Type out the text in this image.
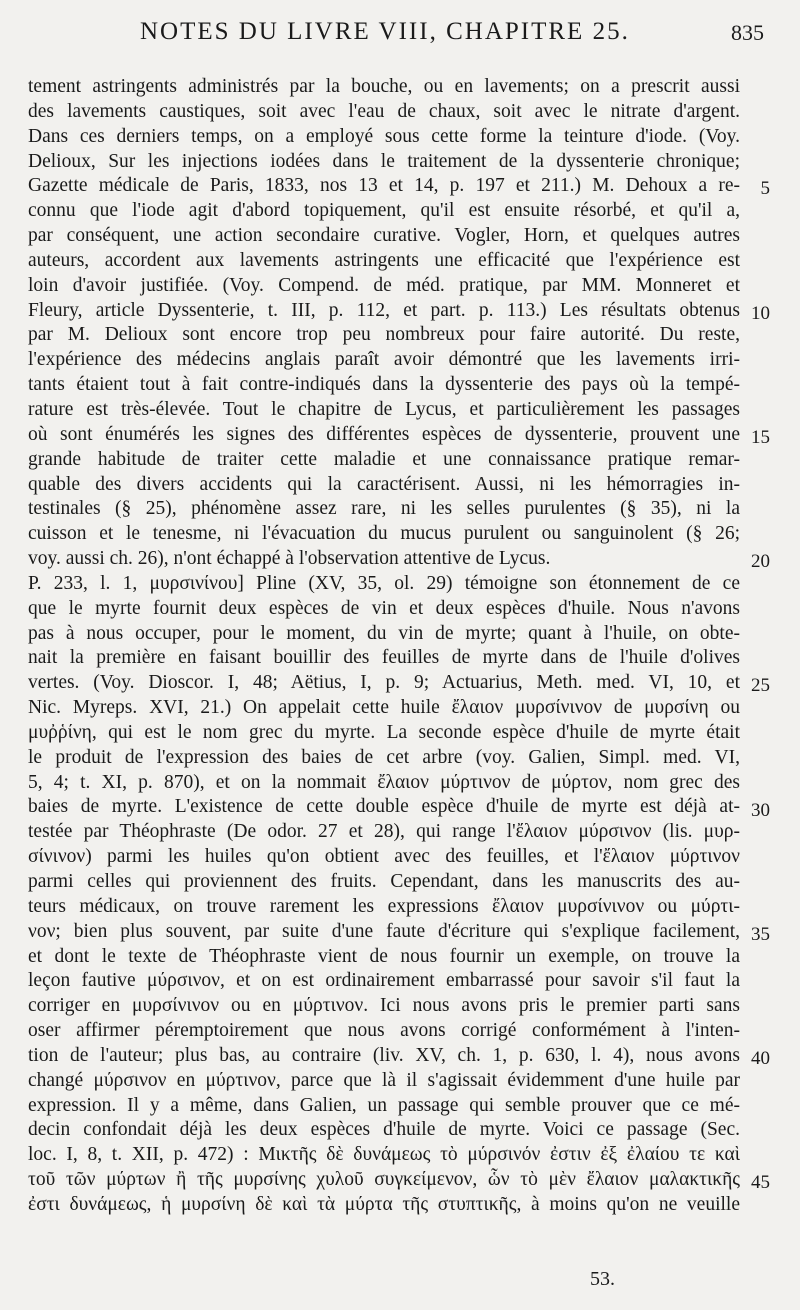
NOTES DU LIVRE VIII, CHAPITRE 25.	835
tement astringents administrés par la bouche, ou en lavements; on a prescrit aussi
des lavements caustiques, soit avec l'eau de chaux, soit avec le nitrate d'argent.
Dans ces derniers temps, on a employé sous cette forme la teinture d'iode. (Voy.
Delioux, Sur les injections iodées dans le traitement de la dyssenterie chronique;
Gazette médicale de Paris, 1833, nos 13 et 14, p. 197 et 211.) M. Dehoux a re-
connu que l'iode agit d'abord topiquement, qu'il est ensuite résorbé, et qu'il a,
par conséquent, une action secondaire curative. Vogler, Horn, et quelques autres
auteurs, accordent aux lavements astringents une efficacité que l'expérience est
loin d'avoir justifiée. (Voy. Compend. de méd. pratique, par MM. Monneret et
Fleury, article Dyssenterie, t. III, p. 112, et part. p. 113.) Les résultats obtenus
par M. Delioux sont encore trop peu nombreux pour faire autorité. Du reste,
l'expérience des médecins anglais paraît avoir démontré que les lavements irri-
tants étaient tout à fait contre-indiqués dans la dyssenterie des pays où la tempé-
rature est très-élevée. Tout le chapitre de Lycus, et particulièrement les passages
où sont énumérés les signes des différentes espèces de dyssenterie, prouvent une
grande habitude de traiter cette maladie et une connaissance pratique remar-
quable des divers accidents qui la caractérisent. Aussi, ni les hémorragies in-
testinales (§ 25), phénomène assez rare, ni les selles purulentes (§ 35), ni la
cuisson et le tenesme, ni l'évacuation du mucus purulent ou sanguinolent (§ 26;
voy. aussi ch. 26), n'ont échappé à l'observation attentive de Lycus.
P. 233, l. 1, μυρσινίνου] Pline (XV, 35, ol. 29) témoigne son étonnement de ce
que le myrte fournit deux espèces de vin et deux espèces d'huile. Nous n'avons
pas à nous occuper, pour le moment, du vin de myrte; quant à l'huile, on obte-
nait la première en faisant bouillir des feuilles de myrte dans de l'huile d'olives
vertes. (Voy. Dioscor. I, 48; Aëtius, I, p. 9; Actuarius, Meth. med. VI, 10, et
Nic. Myreps. XVI, 21.) On appelait cette huile ἔλαιον μυρσίνινον de μυρσίνη ou
μυῤῥίνη, qui est le nom grec du myrte. La seconde espèce d'huile de myrte était
le produit de l'expression des baies de cet arbre (voy. Galien, Simpl. med. VI,
5, 4; t. XI, p. 870), et on la nommait ἔλαιον μύρτινον de μύρτον, nom grec des
baies de myrte. L'existence de cette double espèce d'huile de myrte est déjà at-
testée par Théophraste (De odor. 27 et 28), qui range l'ἔλαιον μύρσινον (lis. μυρ-
σίνινον) parmi les huiles qu'on obtient avec des feuilles, et l'ἔλαιον μύρτινον
parmi celles qui proviennent des fruits. Cependant, dans les manuscrits des au-
teurs médicaux, on trouve rarement les expressions ἔλαιον μυρσίνινον ou μύρτι-
νον; bien plus souvent, par suite d'une faute d'écriture qui s'explique facilement,
et dont le texte de Théophraste vient de nous fournir un exemple, on trouve la
leçon fautive μύρσινον, et on est ordinairement embarrassé pour savoir s'il faut la
corriger en μυρσίνινον ou en μύρτινον. Ici nous avons pris le premier parti sans
oser affirmer péremptoirement que nous avons corrigé conformément à l'inten-
tion de l'auteur; plus bas, au contraire (liv. XV, ch. 1, p. 630, l. 4), nous avons
changé μύρσινον en μύρτινον, parce que là il s'agissait évidemment d'une huile par
expression. Il y a même, dans Galien, un passage qui semble prouver que ce mé-
decin confondait déjà les deux espèces d'huile de myrte. Voici ce passage (Sec.
loc. I, 8, t. XII, p. 472) : Μικτῆς δὲ δυνάμεως τὸ μύρσινόν ἐστιν ἐξ ἐλαίου τε καὶ
τοῦ τῶν μύρτων ἢ τῆς μυρσίνης χυλοῦ συγκείμενον, ὧν τὸ μὲν ἔλαιον μαλακτικῆς
ἐστι δυνάμεως, ἡ μυρσίνη δὲ καὶ τὰ μύρτα τῆς στυπτικῆς, à moins qu'on ne veuille
5
10
15
20
25
30
35
40
45
53.
